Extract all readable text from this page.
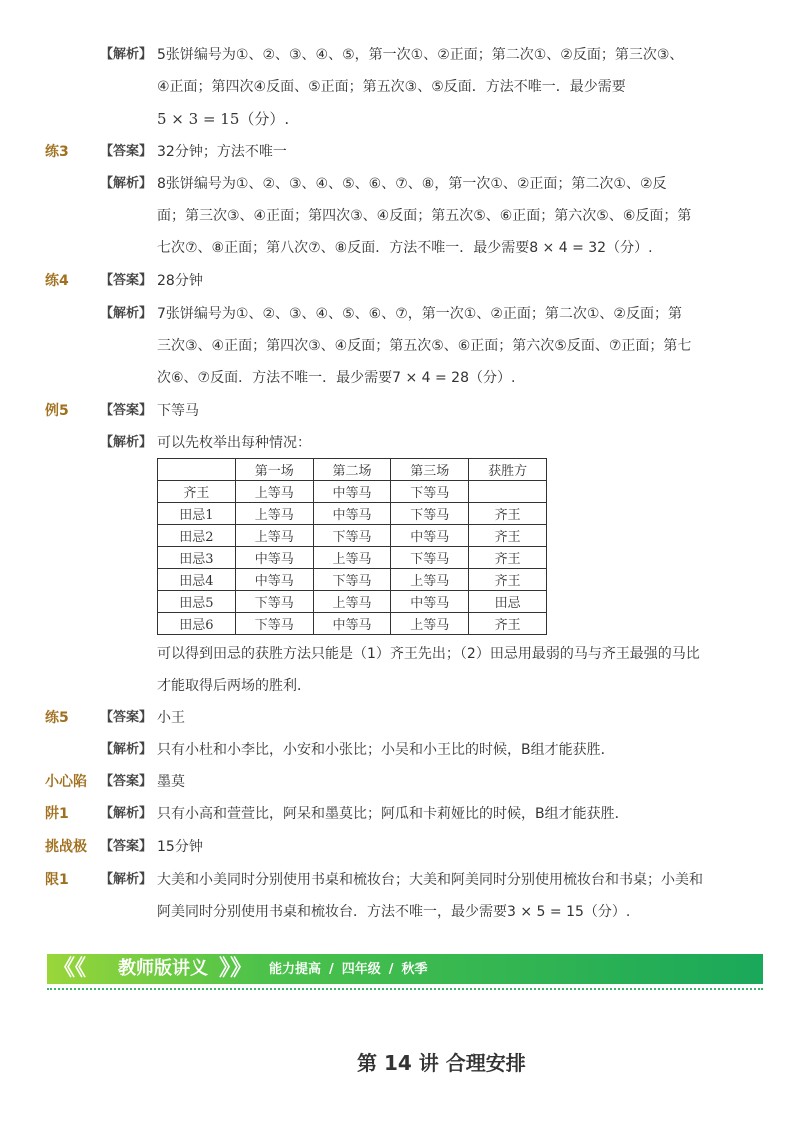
【解析】 5张饼编号为①、②、③、④、⑤，第一次①、②正面；第二次①、②反面；第三次③、
④正面；第四次④反面、⑤正面；第五次③、⑤反面．方法不唯一．最少需要
5 × 3 = 15（分）.
练3 【答案】 32分钟；方法不唯一
【解析】 8张饼编号为①、②、③、④、⑤、⑥、⑦、⑧，第一次①、②正面；第二次①、②反
面；第三次③、④正面；第四次③、④反面；第五次⑤、⑥正面；第六次⑤、⑥反面；第
七次⑦、⑧正面；第八次⑦、⑧反面．方法不唯一．最少需要8 × 4 = 32（分）.
练4 【答案】 28分钟
【解析】 7张饼编号为①、②、③、④、⑤、⑥、⑦，第一次①、②正面；第二次①、②反面；第
三次③、④正面；第四次③、④反面；第五次⑤、⑥正面；第六次⑤反面、⑦正面；第七
次⑥、⑦反面．方法不唯一．最少需要7 × 4 = 28（分）.
例5 【答案】 下等马
【解析】 可以先枚举出每种情况：
	第一场	第二场	第三场	获胜方
齐王	上等马	中等马	下等马	
田忌1	上等马	中等马	下等马	齐王
田忌2	上等马	下等马	中等马	齐王
田忌3	中等马	上等马	下等马	齐王
田忌4	中等马	下等马	上等马	齐王
田忌5	下等马	上等马	中等马	田忌
田忌6	下等马	中等马	上等马	齐王
可以得到田忌的获胜方法只能是（1）齐王先出；（2）田忌用最弱的马与齐王最强的马比
才能取得后两场的胜利．
练5 【答案】 小王
【解析】 只有小杜和小李比，小安和小张比；小吴和小王比的时候，B组才能获胜．
小心陷 【答案】 墨莫
阱1 【解析】 只有小高和萱萱比，阿呆和墨莫比；阿瓜和卡莉娅比的时候，B组才能获胜．
挑战极 【答案】 15分钟
限1 【解析】 大美和小美同时分别使用书桌和梳妆台；大美和阿美同时分别使用梳妆台和书桌；小美和
阿美同时分别使用书桌和梳妆台．方法不唯一，最少需要3 × 5 = 15（分）.
《《 教师版讲义 》》 能力提高 / 四年级 / 秋季
第 14 讲 合理安排
